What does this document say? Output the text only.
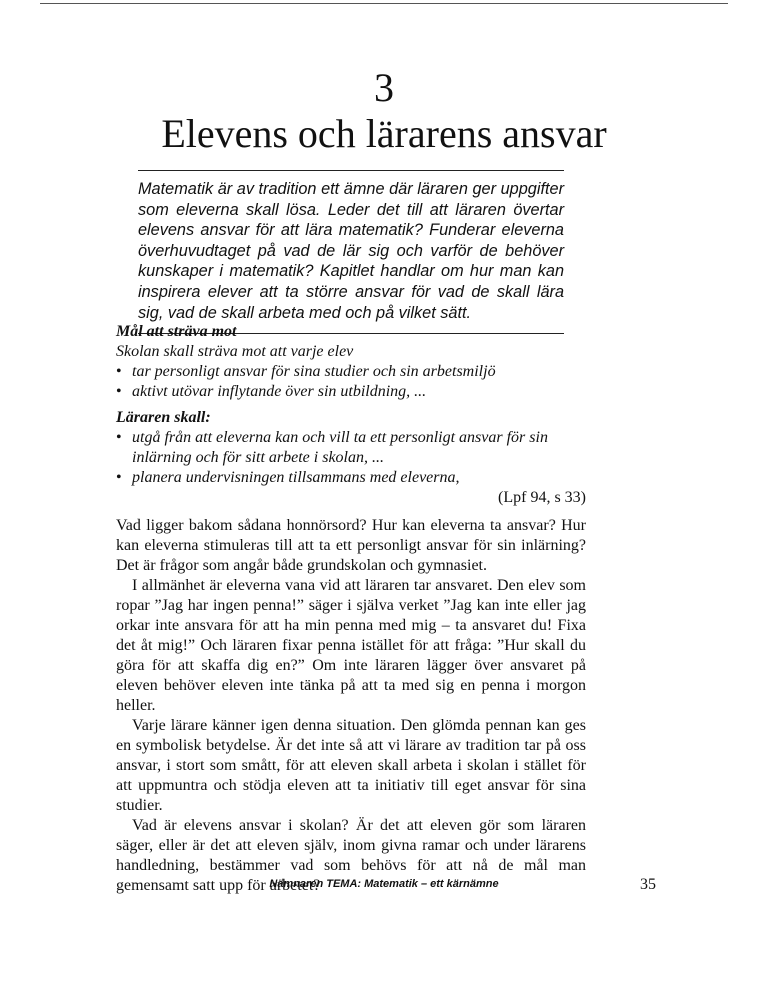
3
Elevens och lärarens ansvar

Matematik är av tradition ett ämne där läraren ger uppgifter som eleverna skall lösa. Leder det till att läraren övertar elevens ansvar för att lära matematik? Funderar eleverna överhuvudtaget på vad de lär sig och varför de behöver kunskaper i matematik? Kapitlet handlar om hur man kan inspirera elever att ta större ansvar för vad de skall lära sig, vad de skall arbeta med och på vilket sätt.

Mål att sträva mot

Skolan skall sträva mot att varje elev

• tar personligt ansvar för sina studier och sin arbetsmiljö
• aktivt utövar inflytande över sin utbildning, ...

Läraren skall:

• utgå från att eleverna kan och vill ta ett personligt ansvar för sin inlärning och för sitt arbete i skolan, ...
• planera undervisningen tillsammans med eleverna,

(Lpf 94, s 33)

Vad ligger bakom sådana honnörsord? Hur kan eleverna ta ansvar? Hur kan eleverna stimuleras till att ta ett personligt ansvar för sin inlärning? Det är frågor som angår både grundskolan och gymnasiet.

I allmänhet är eleverna vana vid att läraren tar ansvaret. Den elev som ropar ”Jag har ingen penna!” säger i själva verket ”Jag kan inte eller jag orkar inte ansvara för att ha min penna med mig – ta ansvaret du! Fixa det åt mig!” Och läraren fixar penna istället för att fråga: ”Hur skall du göra för att skaffa dig en?” Om inte läraren lägger över ansvaret på eleven behöver eleven inte tänka på att ta med sig en penna i morgon heller.

Varje lärare känner igen denna situation. Den glömda pennan kan ges en symbolisk betydelse. Är det inte så att vi lärare av tradition tar på oss ansvar, i stort som smått, för att eleven skall arbeta i skolan i stället för att uppmuntra och stödja eleven att ta initiativ till eget ansvar för sina studier.

Vad är elevens ansvar i skolan? Är det att eleven gör som läraren säger, eller är det att eleven själv, inom givna ramar och under lärarens handledning, bestämmer vad som behövs för att nå de mål man gemensamt satt upp för arbetet?

Nämnaren TEMA: Matematik – ett kärnämne	35
